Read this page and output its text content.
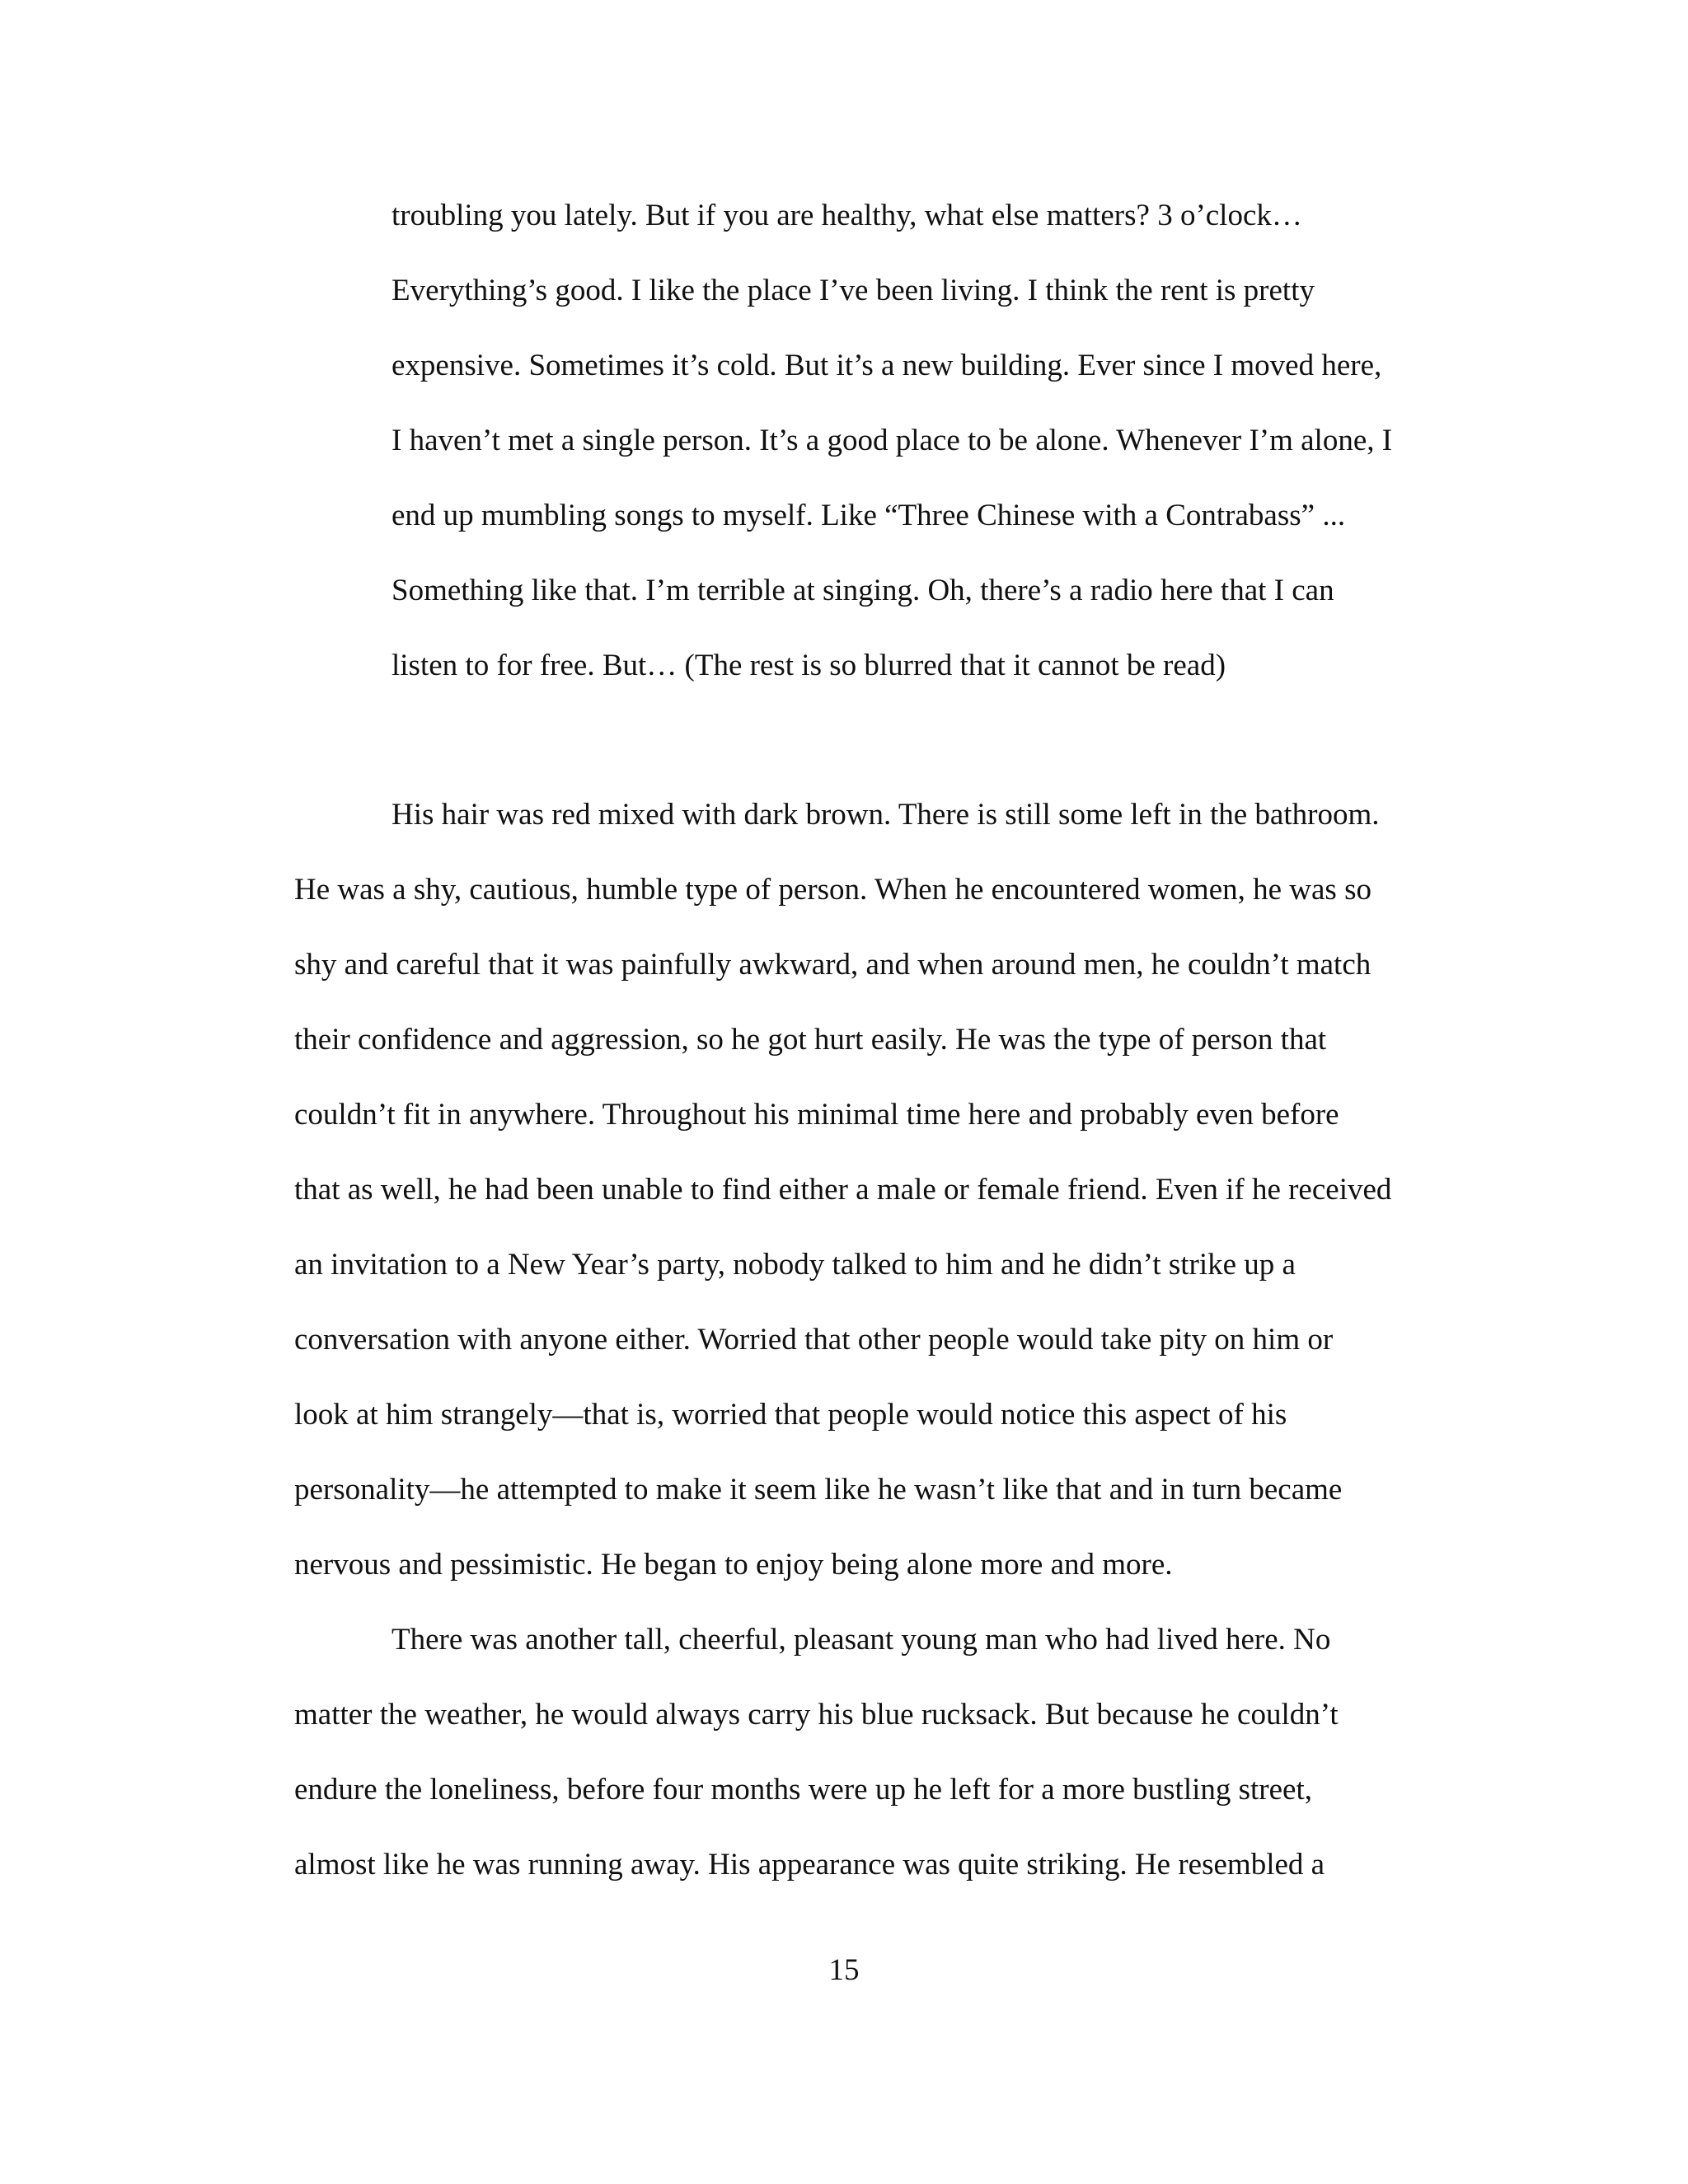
troubling you lately. But if you are healthy, what else matters? 3 o’clock…

Everything’s good. I like the place I’ve been living. I think the rent is pretty

expensive. Sometimes it’s cold. But it’s a new building. Ever since I moved here,

I haven’t met a single person. It’s a good place to be alone. Whenever I’m alone, I

end up mumbling songs to myself. Like “Three Chinese with a Contrabass” ...

Something like that. I’m terrible at singing. Oh, there’s a radio here that I can

listen to for free. But… (The rest is so blurred that it cannot be read)

His hair was red mixed with dark brown. There is still some left in the bathroom.

He was a shy, cautious, humble type of person. When he encountered women, he was so

shy and careful that it was painfully awkward, and when around men, he couldn’t match

their confidence and aggression, so he got hurt easily. He was the type of person that

couldn’t fit in anywhere. Throughout his minimal time here and probably even before

that as well, he had been unable to find either a male or female friend. Even if he received

an invitation to a New Year’s party, nobody talked to him and he didn’t strike up a

conversation with anyone either. Worried that other people would take pity on him or

look at him strangely—that is, worried that people would notice this aspect of his

personality—he attempted to make it seem like he wasn’t like that and in turn became

nervous and pessimistic. He began to enjoy being alone more and more.

There was another tall, cheerful, pleasant young man who had lived here. No

matter the weather, he would always carry his blue rucksack. But because he couldn’t

endure the loneliness, before four months were up he left for a more bustling street,

almost like he was running away. His appearance was quite striking. He resembled a

15
